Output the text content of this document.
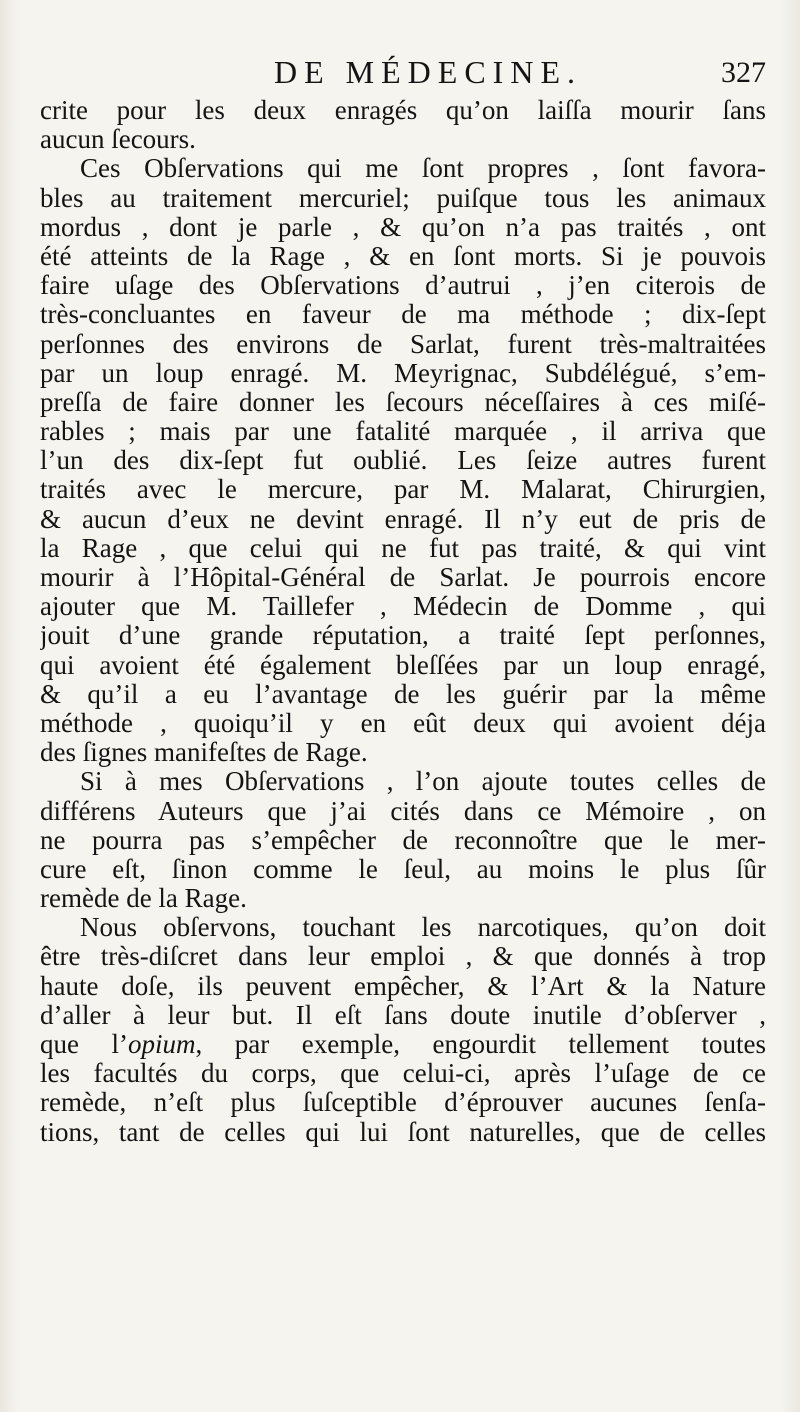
DE MÉDECINE.	327
crite pour les deux enragés qu’on laiſſa mourir ſans
aucun ſecours.
Ces Obſervations qui me ſont propres , ſont favora-
bles au traitement mercuriel; puiſque tous les animaux
mordus , dont je parle , & qu’on n’a pas traités , ont
été atteints de la Rage , & en ſont morts. Si je pouvois
faire uſage des Obſervations d’autrui , j’en citerois de
très-concluantes en faveur de ma méthode ; dix-ſept
perſonnes des environs de Sarlat, furent très-maltraitées
par un loup enragé. M. Meyrignac, Subdélégué, s’em-
preſſa de faire donner les ſecours néceſſaires à ces miſé-
rables ; mais par une fatalité marquée , il arriva que
l’un des dix-ſept fut oublié. Les ſeize autres furent
traités avec le mercure, par M. Malarat, Chirurgien,
& aucun d’eux ne devint enragé. Il n’y eut de pris de
la Rage , que celui qui ne fut pas traité, & qui vint
mourir à l’Hôpital-Général de Sarlat. Je pourrois encore
ajouter que M. Taillefer , Médecin de Domme , qui
jouit d’une grande réputation, a traité ſept perſonnes,
qui avoient été également bleſſées par un loup enragé,
& qu’il a eu l’avantage de les guérir par la même
méthode , quoiqu’il y en eût deux qui avoient déja
des ſignes manifeſtes de Rage.
Si à mes Obſervations , l’on ajoute toutes celles de
différens Auteurs que j’ai cités dans ce Mémoire , on
ne pourra pas s’empêcher de reconnoître que le mer-
cure eſt, ſinon comme le ſeul, au moins le plus ſûr
remède de la Rage.
Nous obſervons, touchant les narcotiques, qu’on doit
être très-diſcret dans leur emploi , & que donnés à trop
haute doſe, ils peuvent empêcher, & l’Art & la Nature
d’aller à leur but. Il eſt ſans doute inutile d’obſerver ,
que l’opium, par exemple, engourdit tellement toutes
les facultés du corps, que celui-ci, après l’uſage de ce
remède, n’eſt plus ſuſceptible d’éprouver aucunes ſenſa-
tions, tant de celles qui lui ſont naturelles, que de celles
